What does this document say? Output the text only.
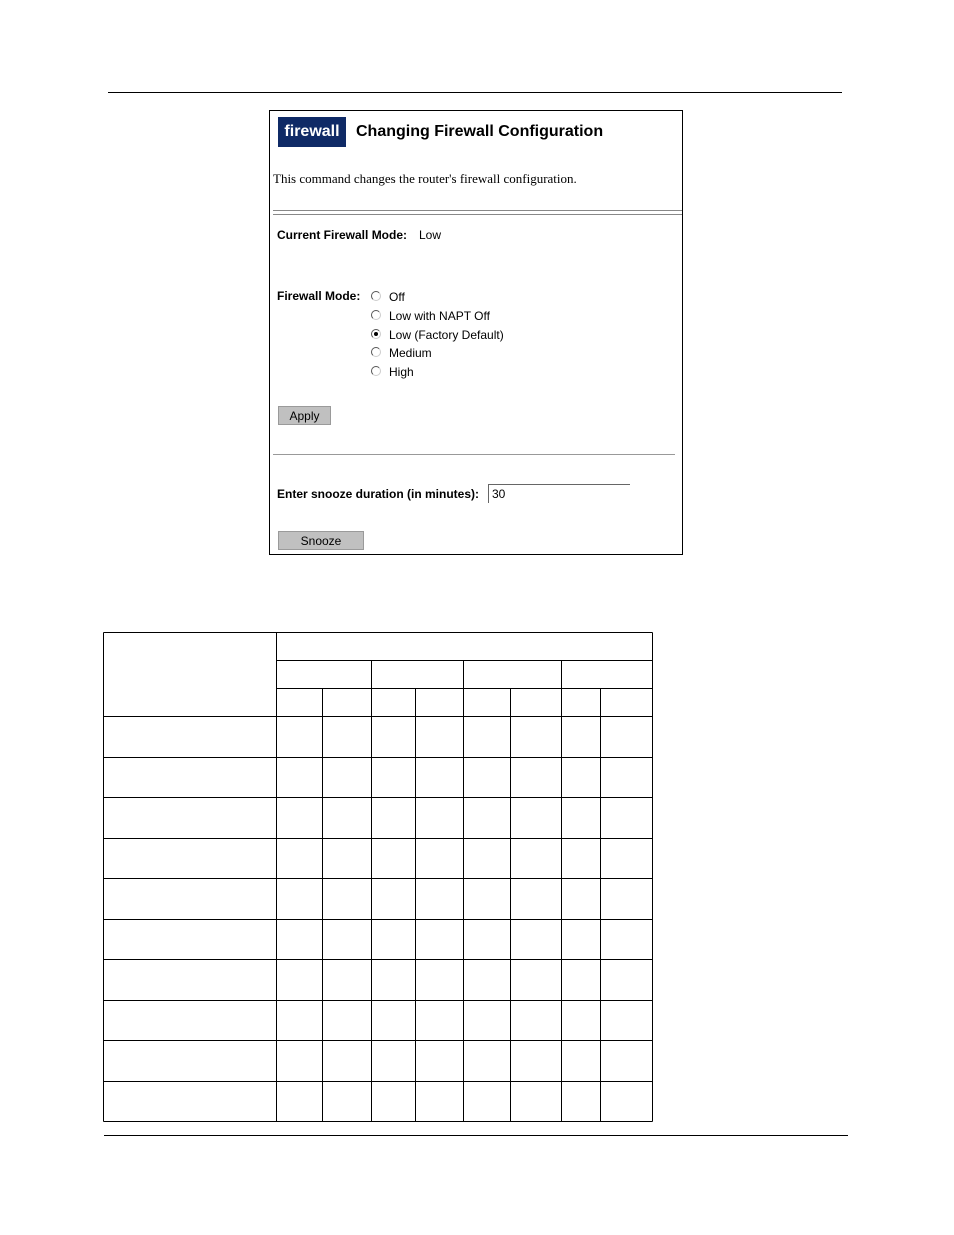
firewall	Changing Firewall Configuration
This command changes the router's firewall configuration.
Current Firewall Mode: Low
Firewall Mode: Off
Low with NAPT Off
Low (Factory Default)
Medium
High
Apply
Enter snooze duration (in minutes):
30
Snooze
